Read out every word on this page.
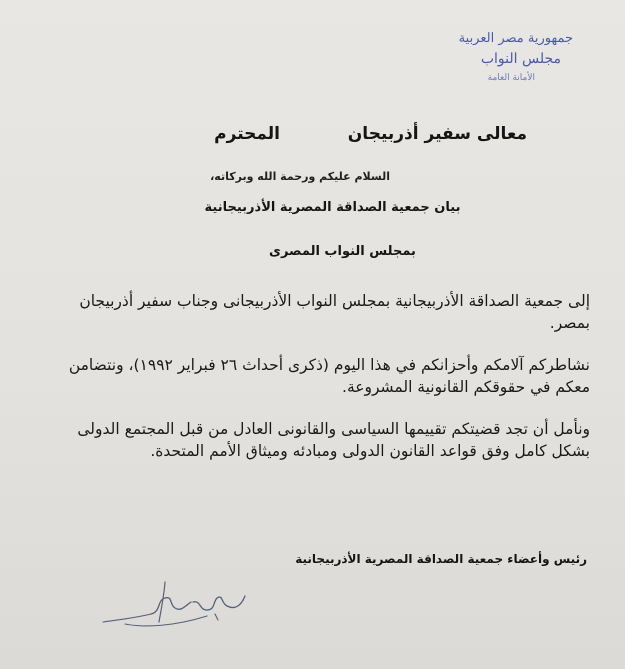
جمهورية مصر العربية
مجلس النواب
الأمانة العامة
معالى سفير أذربيجان
المحترم
السلام عليكم ورحمة الله وبركاته،
بيان جمعية الصداقة المصرية الأذربيجانية
بمجلس النواب المصرى

إلى جمعية الصداقة الأذربيجانية بمجلس النواب الأذربيجانى وجناب سفير أذربيجان بمصر.

نشاطركم آلامكم وأحزانكم في هذا اليوم (ذكرى أحداث ٢٦ فبراير ١٩٩٢)، ونتضامن معكم في حقوقكم القانونية المشروعة.

ونأمل أن تجد قضيتكم تقييمها السياسى والقانونى العادل من قبل المجتمع الدولى بشكل كامل وفق قواعد القانون الدولى ومبادئه وميثاق الأمم المتحدة.

رئيس وأعضاء جمعية الصداقة المصرية الأذربيجانية
